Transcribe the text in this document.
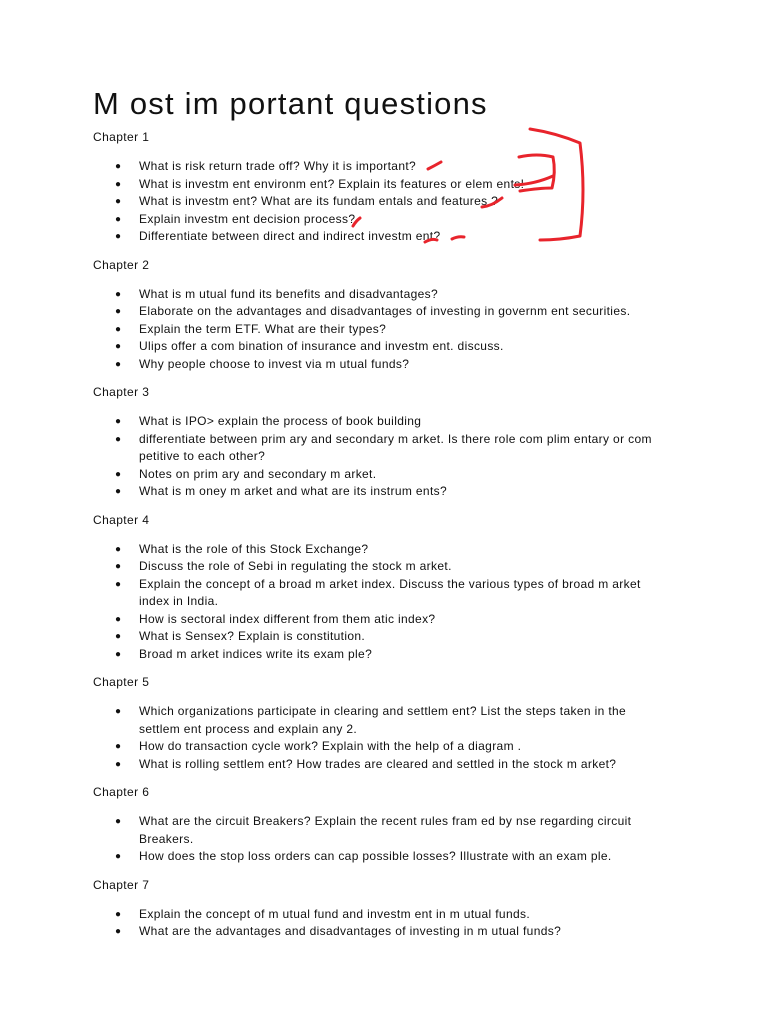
M ost im portant questions
Chapter 1
● What is risk return trade off? Why it is important?
● What is investm ent environm ent? Explain its features or elem ents!
● What is investm ent? What are its fundam entals and features ?
● Explain investm ent decision process?
● Differentiate between direct and indirect investm ent?
Chapter 2
● What is m utual fund its benefits and disadvantages?
● Elaborate on the advantages and disadvantages of investing in governm ent securities.
● Explain the term ETF. What are their types?
● Ulips offer a com bination of insurance and investm ent. discuss.
● Why people choose to invest via m utual funds?
Chapter 3
● What is IPO> explain the process of book building
● differentiate between prim ary and secondary m arket. Is there role com plim entary or com petitive to each other?
● Notes on prim ary and secondary m arket.
● What is m oney m arket and what are its instrum ents?
Chapter 4
● What is the role of this Stock Exchange?
● Discuss the role of Sebi in regulating the stock m arket.
● Explain the concept of a broad m arket index. Discuss the various types of broad m arket index in India.
● How is sectoral index different from them atic index?
● What is Sensex? Explain is constitution.
● Broad m arket indices write its exam ple?
Chapter 5
● Which organizations participate in clearing and settlem ent? List the steps taken in the settlem ent process and explain any 2.
● How do transaction cycle work? Explain with the help of a diagram .
● What is rolling settlem ent? How trades are cleared and settled in the stock m arket?
Chapter 6
● What are the circuit Breakers? Explain the recent rules fram ed by nse regarding circuit Breakers.
● How does the stop loss orders can cap possible losses? Illustrate with an exam ple.
Chapter 7
● Explain the concept of m utual fund and investm ent in m utual funds.
● What are the advantages and disadvantages of investing in m utual funds?
